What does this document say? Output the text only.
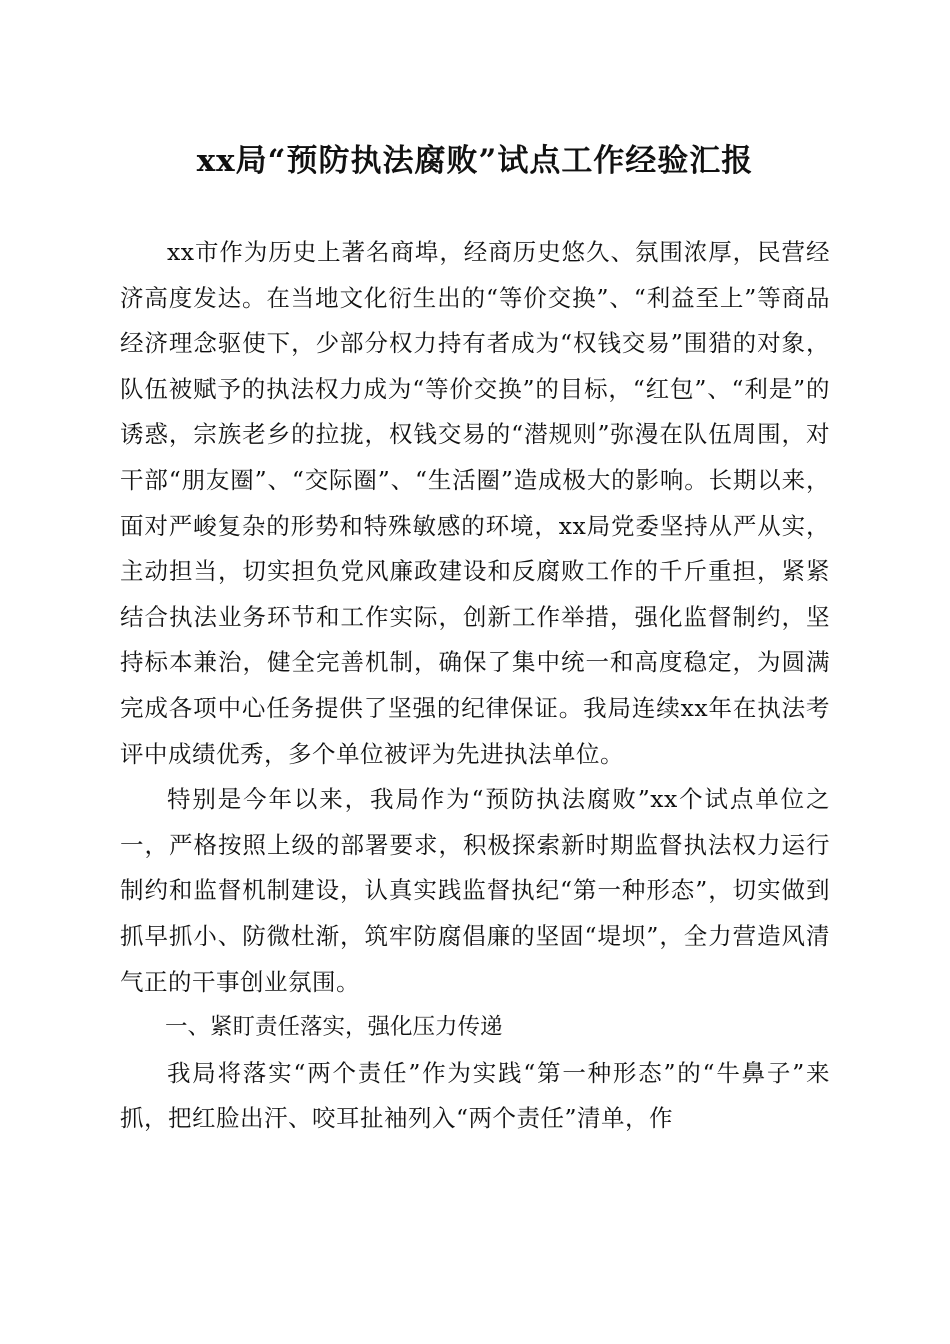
xx局“预防执法腐败”试点工作经验汇报

xx市作为历史上著名商埠，经商历史悠久、氛围浓厚，民营经济高度发达。在当地文化衍生出的“等价交换”、“利益至上”等商品经济理念驱使下，少部分权力持有者成为“权钱交易”围猎的对象，队伍被赋予的执法权力成为“等价交换”的目标，“红包”、“利是”的诱惑，宗族老乡的拉拢，权钱交易的“潜规则”弥漫在队伍周围，对干部“朋友圈”、“交际圈”、“生活圈”造成极大的影响。长期以来，面对严峻复杂的形势和特殊敏感的环境，xx局党委坚持从严从实，主动担当，切实担负党风廉政建设和反腐败工作的千斤重担，紧紧结合执法业务环节和工作实际，创新工作举措，强化监督制约，坚持标本兼治，健全完善机制，确保了集中统一和高度稳定，为圆满完成各项中心任务提供了坚强的纪律保证。我局连续xx年在执法考评中成绩优秀，多个单位被评为先进执法单位。

特别是今年以来，我局作为“预防执法腐败”xx个试点单位之一，严格按照上级的部署要求，积极探索新时期监督执法权力运行制约和监督机制建设，认真实践监督执纪“第一种形态”，切实做到抓早抓小、防微杜渐，筑牢防腐倡廉的坚固“堤坝”，全力营造风清气正的干事创业氛围。

一、紧盯责任落实，强化压力传递

我局将落实“两个责任”作为实践“第一种形态”的“牛鼻子”来抓，把红脸出汗、咬耳扯袖列入“两个责任”清单，作
